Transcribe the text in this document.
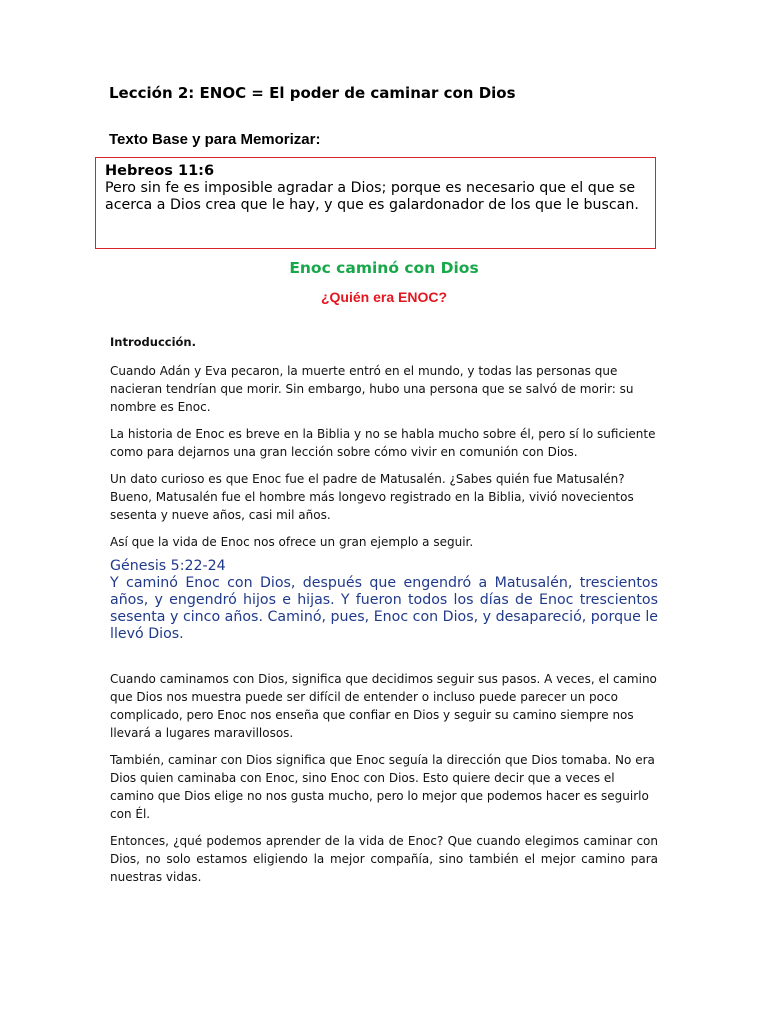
Lección 2: ENOC = El poder de caminar con Dios
Texto Base y para Memorizar:

Hebreos 11:6

Pero sin fe es imposible agradar a Dios; porque es necesario que el que se acerca a Dios crea que le hay, y que es galardonador de los que le buscan.

Enoc caminó con Dios
¿Quién era ENOC?

Introducción.

Cuando Adán y Eva pecaron, la muerte entró en el mundo, y todas las personas que nacieran tendrían que morir. Sin embargo, hubo una persona que se salvó de morir: su nombre es Enoc.

La historia de Enoc es breve en la Biblia y no se habla mucho sobre él, pero sí lo suficiente como para dejarnos una gran lección sobre cómo vivir en comunión con Dios.

Un dato curioso es que Enoc fue el padre de Matusalén. ¿Sabes quién fue Matusalén? Bueno, Matusalén fue el hombre más longevo registrado en la Biblia, vivió novecientos sesenta y nueve años, casi mil años.

Así que la vida de Enoc nos ofrece un gran ejemplo a seguir.

Génesis 5:22-24

Y caminó Enoc con Dios, después que engendró a Matusalén, trescientos años, y engendró hijos e hijas. Y fueron todos los días de Enoc trescientos sesenta y cinco años. Caminó, pues, Enoc con Dios, y desapareció, porque le llevó Dios.

Cuando caminamos con Dios, significa que decidimos seguir sus pasos. A veces, el camino que Dios nos muestra puede ser difícil de entender o incluso puede parecer un poco complicado, pero Enoc nos enseña que confiar en Dios y seguir su camino siempre nos llevará a lugares maravillosos.

También, caminar con Dios significa que Enoc seguía la dirección que Dios tomaba. No era Dios quien caminaba con Enoc, sino Enoc con Dios. Esto quiere decir que a veces el camino que Dios elige no nos gusta mucho, pero lo mejor que podemos hacer es seguirlo con Él.

Entonces, ¿qué podemos aprender de la vida de Enoc? Que cuando elegimos caminar con Dios, no solo estamos eligiendo la mejor compañía, sino también el mejor camino para nuestras vidas.
